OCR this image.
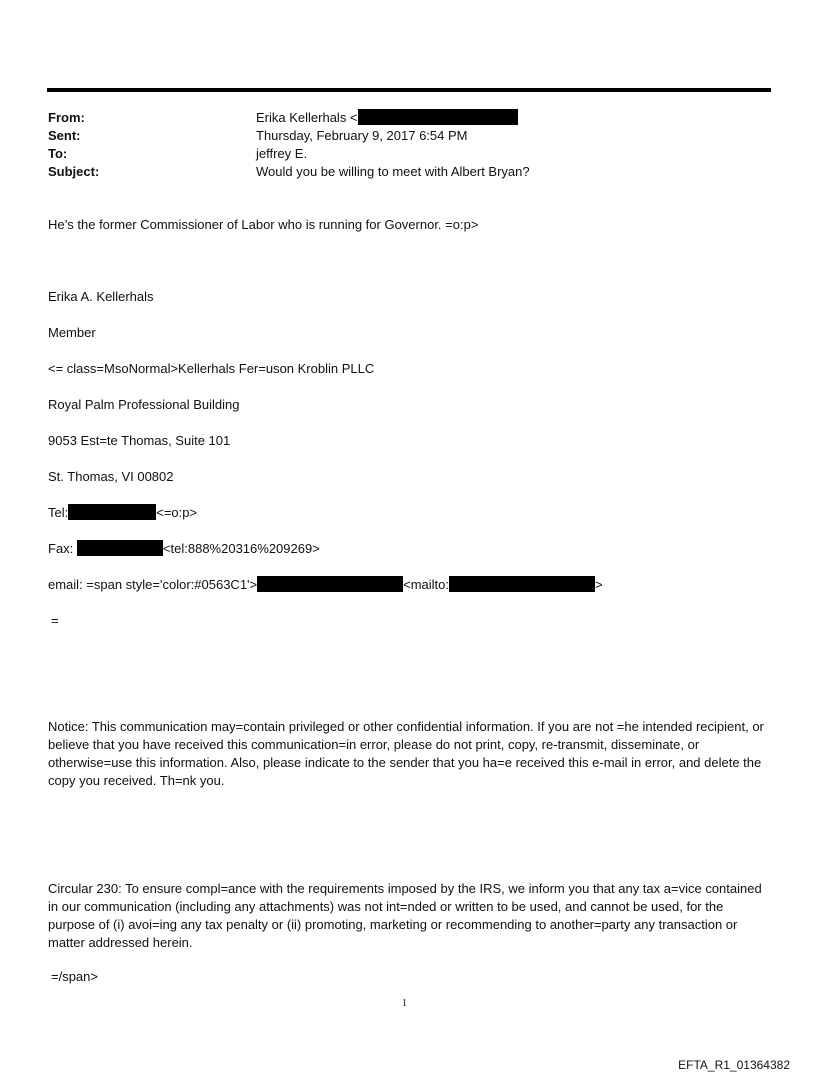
From:	Erika Kellerhals <
Sent:	Thursday, February 9, 2017 6:54 PM
To:	jeffrey E.
Subject:	Would you be willing to meet with Albert Bryan?
He’s the former Commissioner of Labor who is running for Governor. =o:p>
Erika A. Kellerhals
Member
<= class=MsoNormal>Kellerhals Fer=uson Kroblin PLLC
Royal Palm Professional Building
9053 Est=te Thomas, Suite 101
St. Thomas, VI 00802
Tel:	<=o:p>
Fax:	<tel:888%20316%209269>
email: =span style='color:#0563C1'>	<mailto:	>
=
Notice: This communication may=contain privileged or other confidential information. If you are not =he intended recipient, or believe that you have received this communication=in error, please do not print, copy, re-transmit, disseminate, or otherwise=use this information. Also, please indicate to the sender that you ha=e received this e-mail in error, and delete the copy you received. Th=nk you.
Circular 230: To ensure compl=ance with the requirements imposed by the IRS, we inform you that any tax a=vice contained in our communication (including any attachments) was not int=nded or written to be used, and cannot be used, for the purpose of (i) avoi=ing any tax penalty or (ii) promoting, marketing or recommending to another=party any transaction or matter addressed herein.
=/span>
1
EFTA_R1_01364382
